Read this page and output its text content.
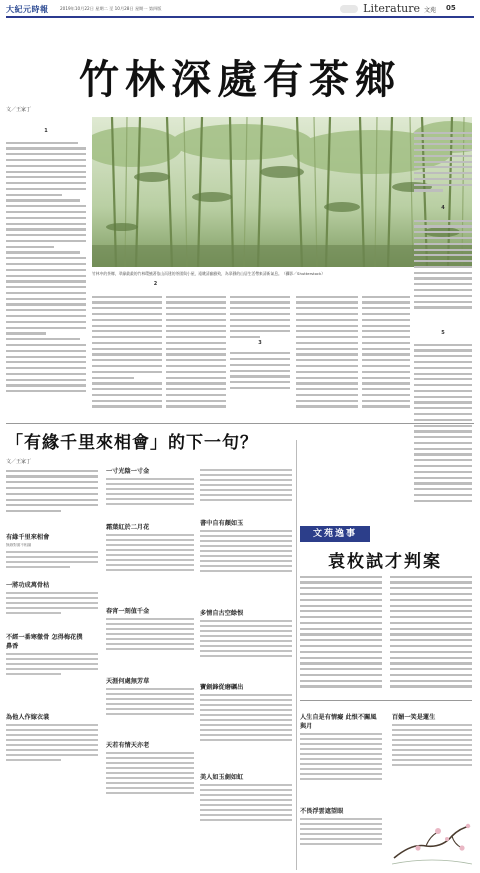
大紀元時報	2019年10月22日 星期二 至 10月28日 星期一 第四版	Literature 文苑 05
竹林深處有茶鄉
文／王家丁
1
竹林中的茶鄉，翠綠叢叢的竹林環繞著依山而建的茶園與小屋，遠眺清幽雅致，為寧靜的山居生活帶來清新氣息。（攝影／Shutterstock）
2
3
4
5
「有緣千里來相會」的下一句？
文／王家丁
有緣千里來相會
無緣對面不相識
一將功成萬骨枯
不經一番寒徹骨 怎得梅花撲鼻香
為他人作嫁衣裳
一寸光陰一寸金
霜葉紅於二月花
春宵一刻值千金
天涯何處無芳草
天若有情天亦老
書中自有顏如玉
多情自古空餘恨
寶劍鋒從磨礪出
美人如玉劍如虹
文苑逸事
袁枚試才判案
人生自是有情癡 此恨不關風與月
不畏浮雲遮望眼
百媚一笑是蓮生
